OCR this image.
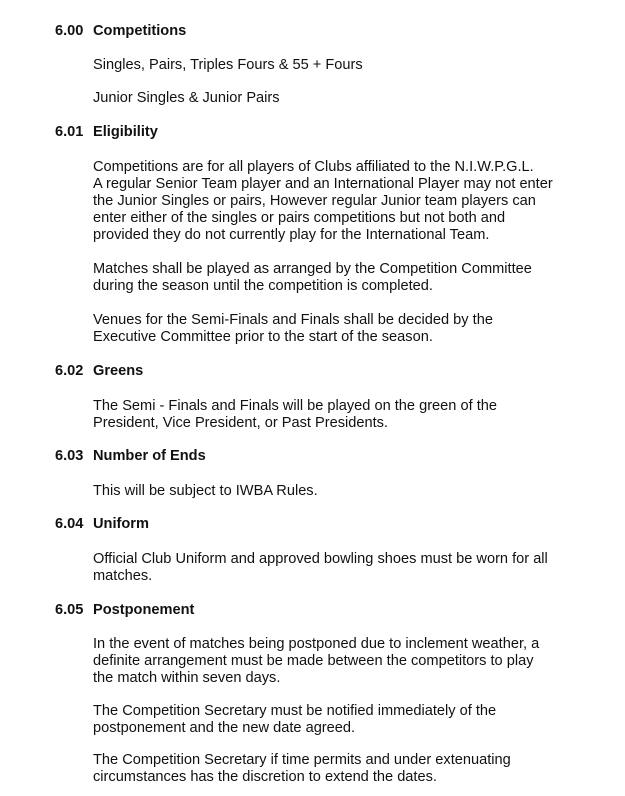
6.00 Competitions
Singles, Pairs, Triples Fours & 55 + Fours
Junior Singles & Junior Pairs
6.01 Eligibility
Competitions are for all players of Clubs affiliated to the N.I.W.P.G.L.
A regular Senior Team player and an International Player may not enter
the Junior Singles or pairs, However regular Junior team players can
enter either of the singles or pairs competitions but not both and
provided they do not currently play for the International Team.
Matches shall be played as arranged by the Competition Committee
during the season until the competition is completed.
Venues for the Semi-Finals and Finals shall be decided by the
Executive Committee prior to the start of the season.
6.02 Greens
The Semi - Finals and Finals will be played on the green of the
President, Vice President, or Past Presidents.
6.03 Number of Ends
This will be subject to IWBA Rules.
6.04 Uniform
Official Club Uniform and approved bowling shoes must be worn for all
matches.
6.05 Postponement
In the event of matches being postponed due to inclement weather, a
definite arrangement must be made between the competitors to play
the match within seven days.
The Competition Secretary must be notified immediately of the
postponement and the new date agreed.
The Competition Secretary if time permits and under extenuating
circumstances has the discretion to extend the dates.
